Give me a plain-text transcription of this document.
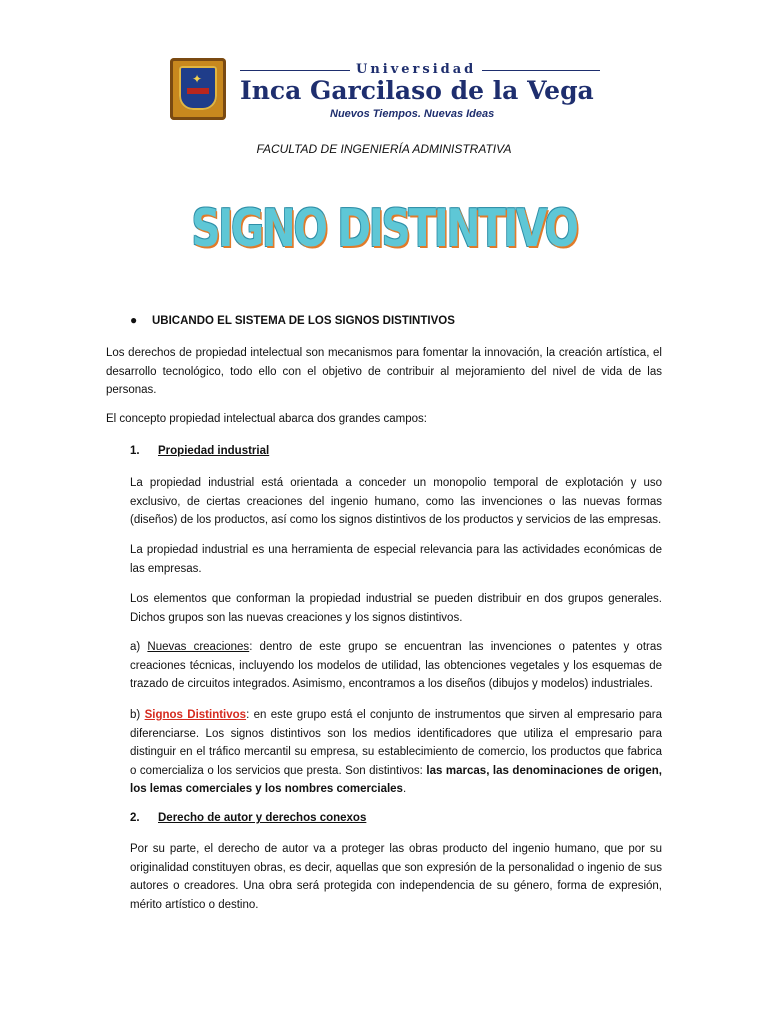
✦
Universidad
Inca Garcilaso de la Vega
Nuevos Tiempos. Nuevas Ideas
FACULTAD DE INGENIERÍA ADMINISTRATIVA
SIGNO DISTINTIVO
● UBICANDO EL SISTEMA DE LOS SIGNOS DISTINTIVOS
Los derechos de propiedad intelectual son mecanismos para fomentar la innovación, la creación artística, el desarrollo tecnológico, todo ello con el objetivo de contribuir al mejoramiento del nivel de vida de las personas.
El concepto propiedad intelectual abarca dos grandes campos:
1. Propiedad industrial
La propiedad industrial está orientada a conceder un monopolio temporal de explotación y uso exclusivo, de ciertas creaciones del ingenio humano, como las invenciones o las nuevas formas (diseños) de los productos, así como los signos distintivos de los productos y servicios de las empresas.
La propiedad industrial es una herramienta de especial relevancia para las actividades económicas de las empresas.
Los elementos que conforman la propiedad industrial se pueden distribuir en dos grupos generales. Dichos grupos son las nuevas creaciones y los signos distintivos.
a) Nuevas creaciones: dentro de este grupo se encuentran las invenciones o patentes y otras creaciones técnicas, incluyendo los modelos de utilidad, las obtenciones vegetales y los esquemas de trazado de circuitos integrados. Asimismo, encontramos a los diseños (dibujos y modelos) industriales.
b) Signos Distintivos: en este grupo está el conjunto de instrumentos que sirven al empresario para diferenciarse. Los signos distintivos son los medios identificadores que utiliza el empresario para distinguir en el tráfico mercantil su empresa, su establecimiento de comercio, los productos que fabrica o comercializa o los servicios que presta. Son distintivos: las marcas, las denominaciones de origen, los lemas comerciales y los nombres comerciales.
2. Derecho de autor y derechos conexos
Por su parte, el derecho de autor va a proteger las obras producto del ingenio humano, que por su originalidad constituyen obras, es decir, aquellas que son expresión de la personalidad o ingenio de sus autores o creadores. Una obra será protegida con independencia de su género, forma de expresión, mérito artístico o destino.
